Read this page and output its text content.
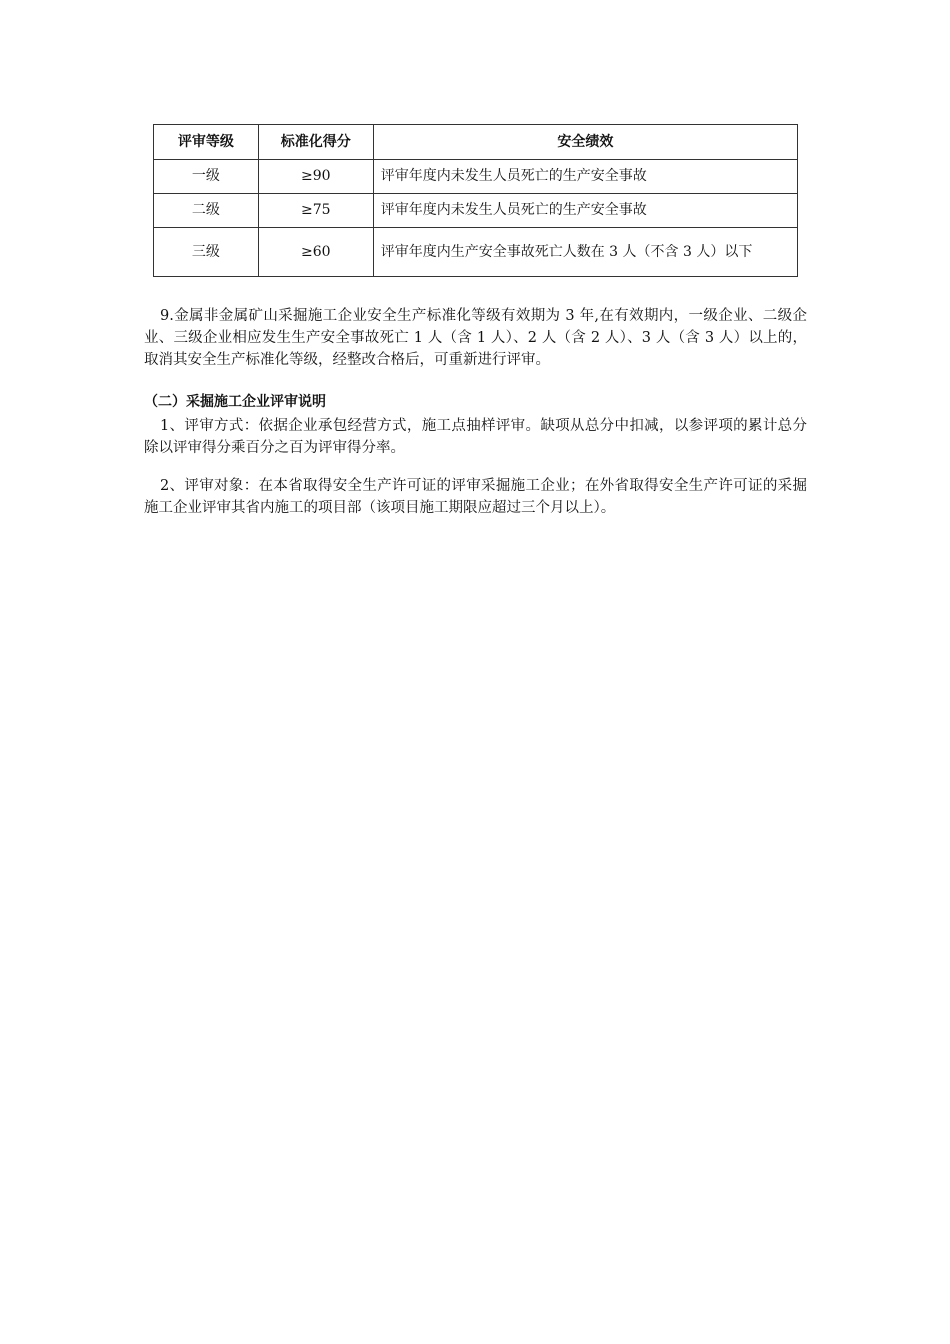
评审等级	标准化得分	安全绩效
一级	≥90	评审年度内未发生人员死亡的生产安全事故
二级	≥75	评审年度内未发生人员死亡的生产安全事故
三级	≥60	评审年度内生产安全事故死亡人数在 3 人（不含 3 人）以下

9.金属非金属矿山采掘施工企业安全生产标准化等级有效期为 3 年,在有效期内，一级企业、二级企业、三级企业相应发生生产安全事故死亡 1 人（含 1 人）、2 人（含 2 人）、3 人（含 3 人）以上的，取消其安全生产标准化等级，经整改合格后，可重新进行评审。

（二）采掘施工企业评审说明

1、评审方式：依据企业承包经营方式，施工点抽样评审。缺项从总分中扣减，以参评项的累计总分除以评审得分乘百分之百为评审得分率。

2、评审对象：在本省取得安全生产许可证的评审采掘施工企业；在外省取得安全生产许可证的采掘施工企业评审其省内施工的项目部（该项目施工期限应超过三个月以上）。
